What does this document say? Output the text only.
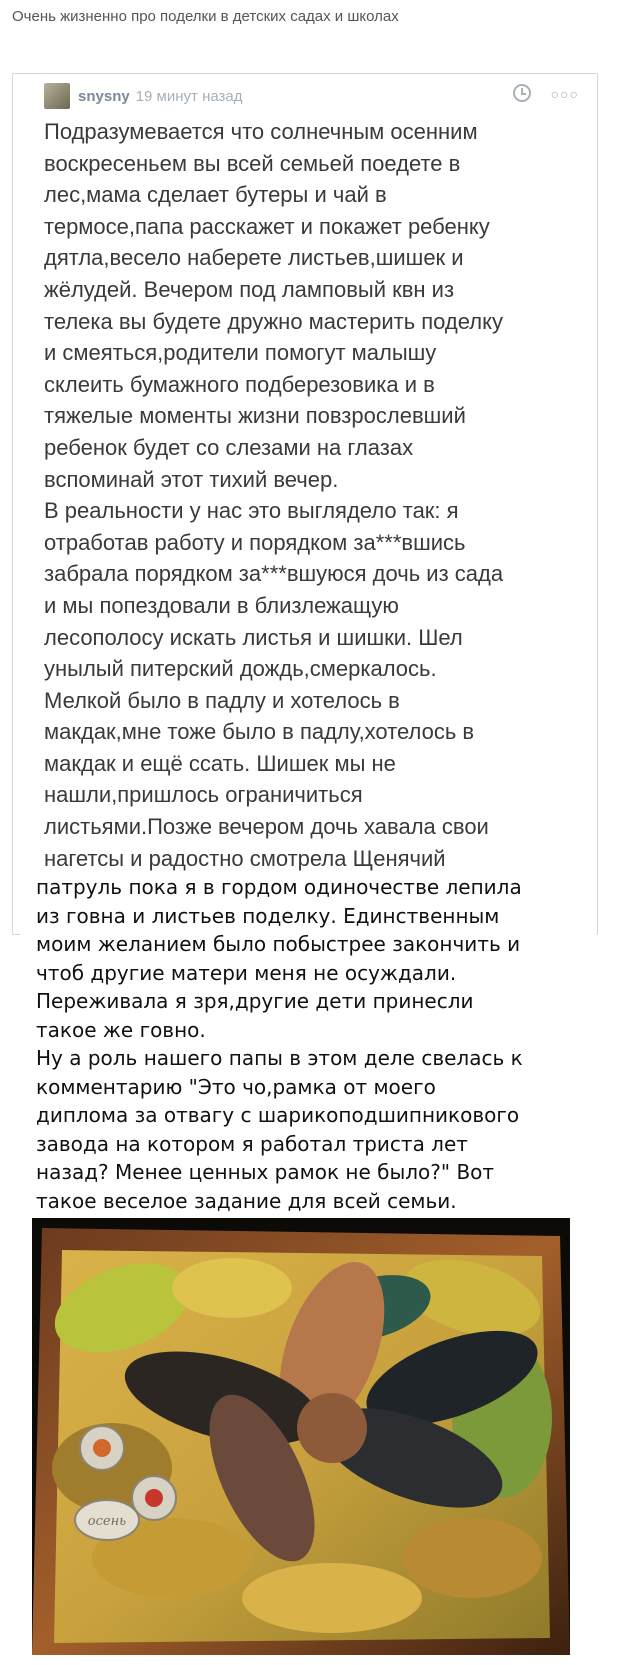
Очень жизненно про поделки в детских садах и школах
snysny 19 минут назад	○○○
Подразумевается что солнечным осенним
воскресеньем вы всей семьей поедете в
лес,мама сделает бутеры и чай в
термосе,папа расскажет и покажет ребенку
дятла,весело наберете листьев,шишек и
жёлудей. Вечером под ламповый квн из
телека вы будете дружно мастерить поделку
и смеяться,родители помогут малышу
склеить бумажного подберезовика и в
тяжелые моменты жизни повзрослевший
ребенок будет со слезами на глазах
вспоминай этот тихий вечер.
В реальности у нас это выглядело так: я
отработав работу и порядком за***вшись
забрала порядком за***вшуюся дочь из сада
и мы попездовали в близлежащую
лесополосу искать листья и шишки. Шел
унылый питерский дождь,смеркалось.
Мелкой было в падлу и хотелось в
макдак,мне тоже было в падлу,хотелось в
макдак и ещё ссать. Шишек мы не
нашли,пришлось ограничиться
листьями.Позже вечером дочь хавала свои
нагетсы и радостно смотрела Щенячий
патруль пока я в гордом одиночестве лепила
из говна и листьев поделку. Единственным
моим желанием было побыстрее закончить и
чтоб другие матери меня не осуждали.
Переживала я зря,другие дети принесли
такое же говно.
Ну а роль нашего папы в этом деле свелась к
комментарию "Это чо,рамка от моего
диплома за отвагу с шарикоподшипникового
завода на котором я работал триста лет
назад? Менее ценных рамок не было?" Вот
такое веселое задание для всей семьи.
осень
